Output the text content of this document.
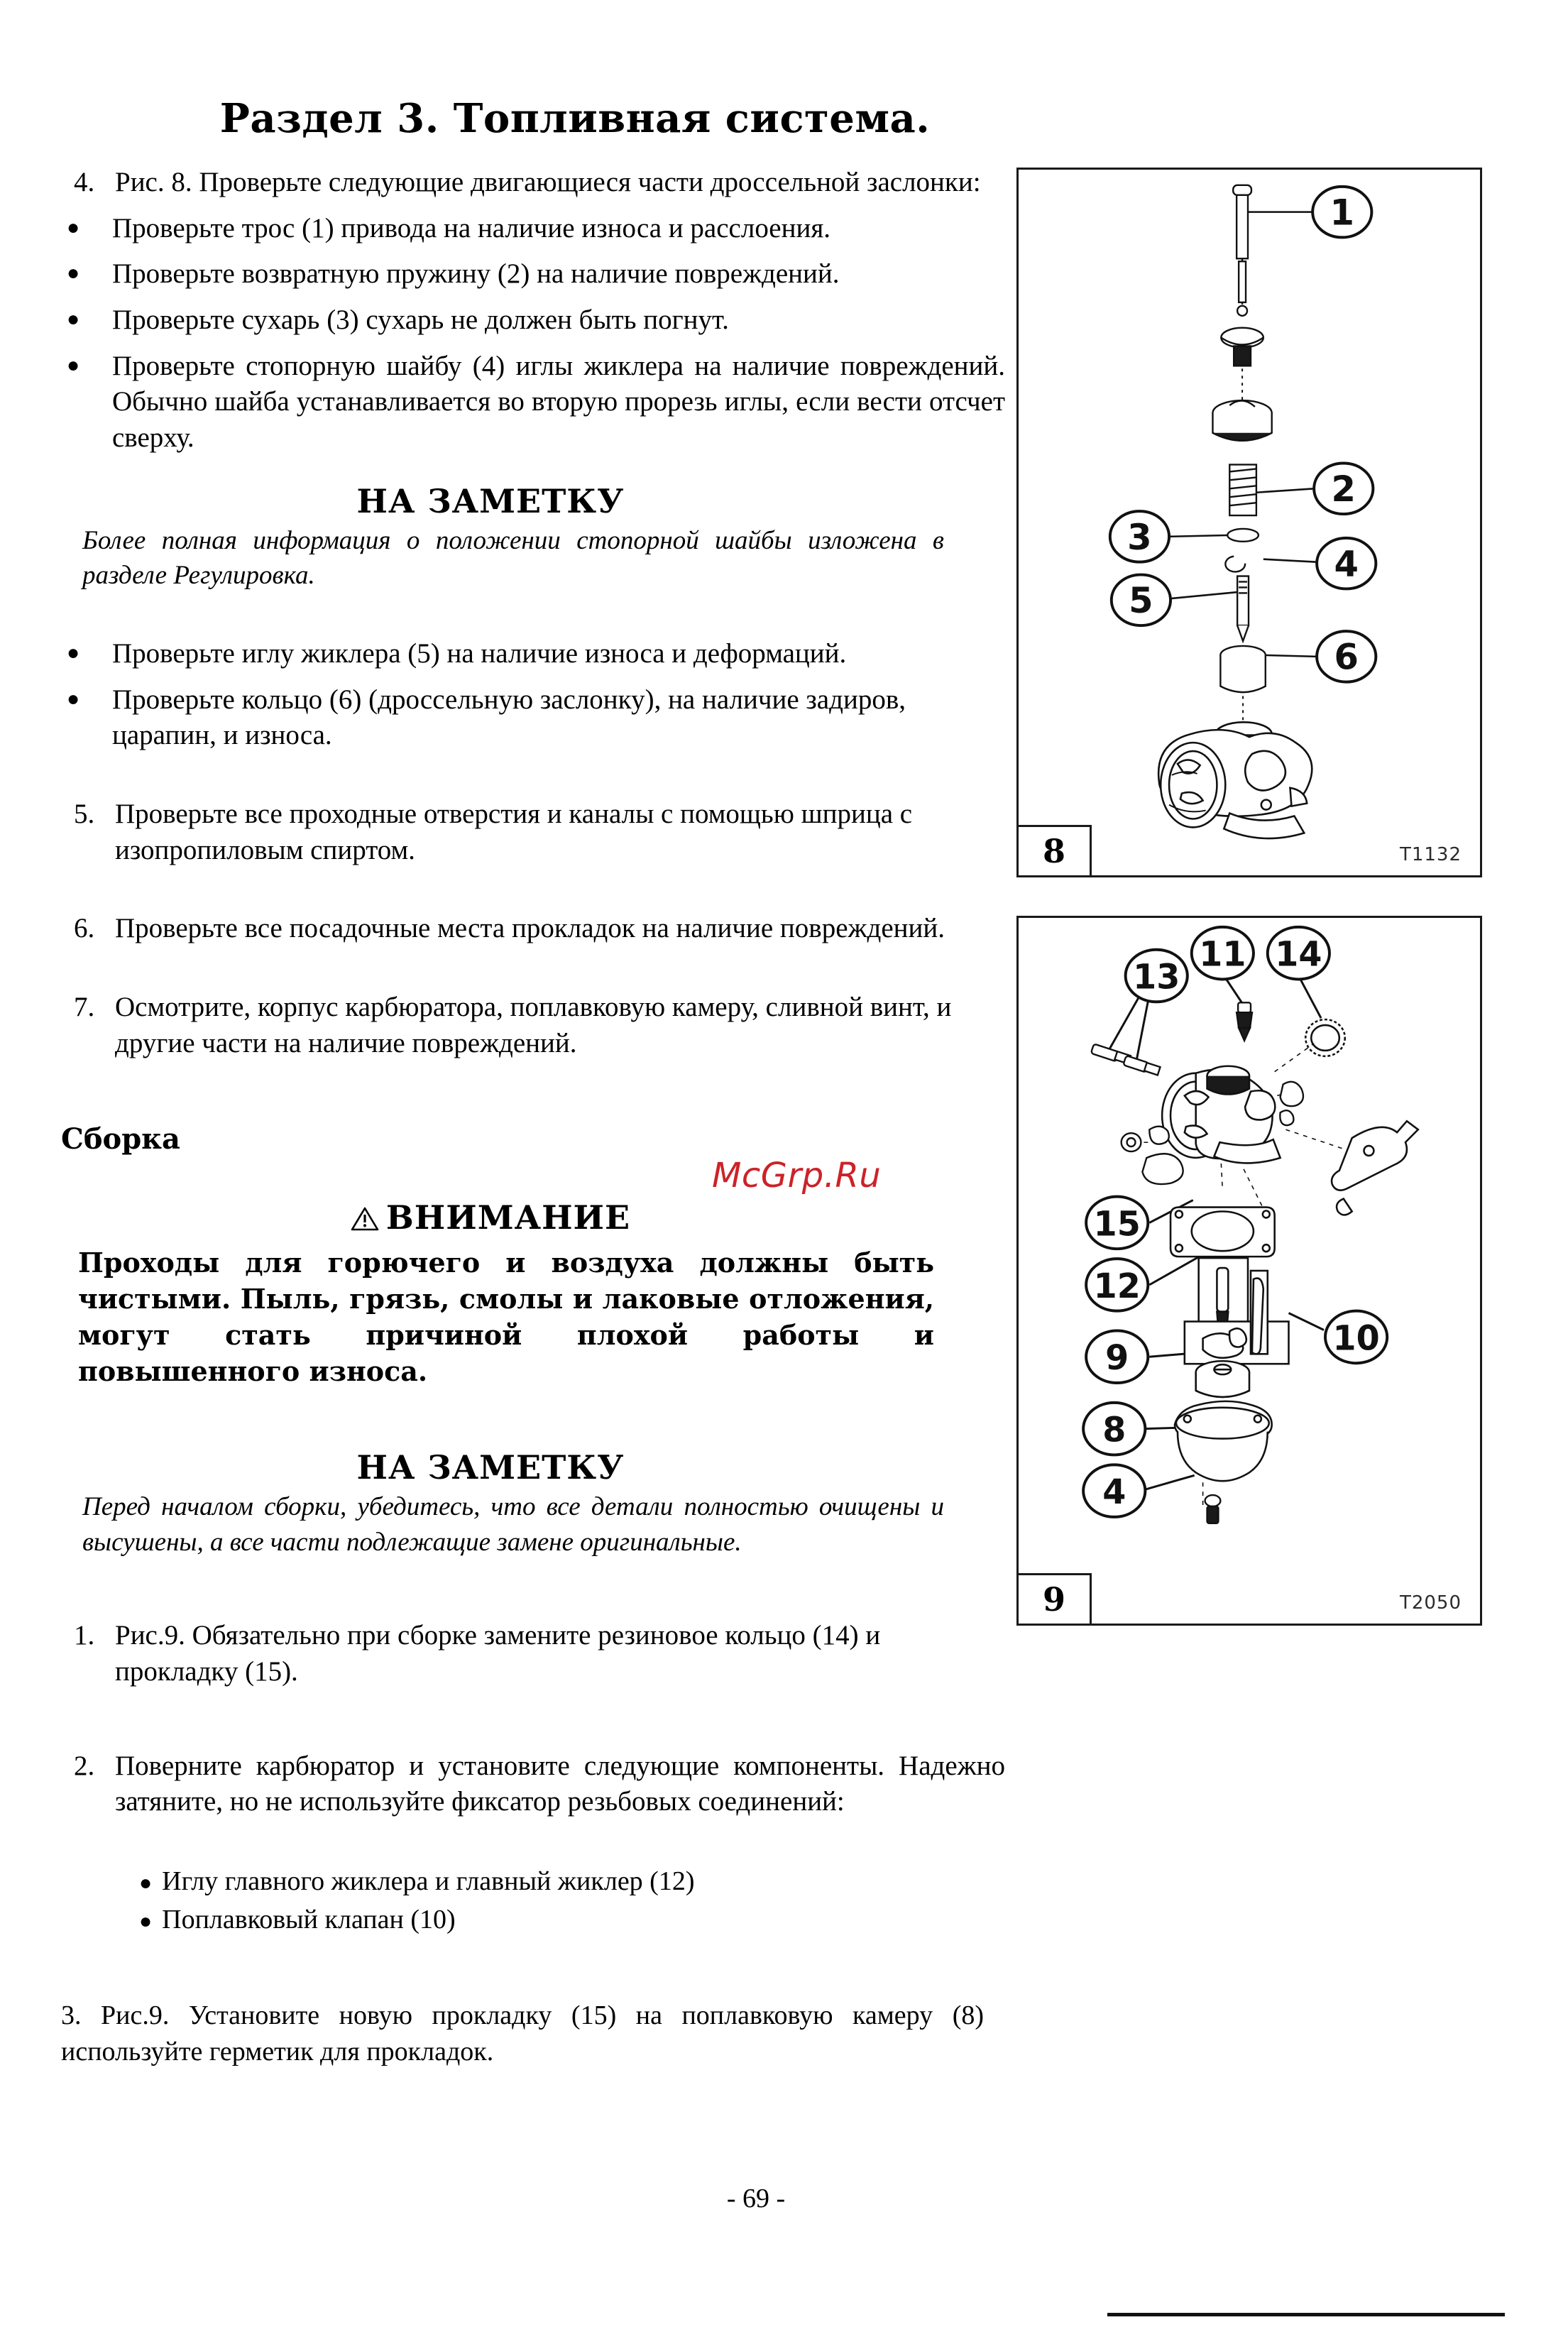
Раздел 3. Топливная система.
4. Рис. 8. Проверьте следующие двигающиеся части дроссельной заслонки:
●	Проверьте трос (1) привода на наличие износа и расслоения.
●	Проверьте возвратную пружину (2) на наличие повреждений.
●	Проверьте сухарь (3) сухарь не должен быть погнут.
●	Проверьте стопорную шайбу (4) иглы жиклера на наличие повреждений. Обычно шайба устанавливается во вторую прорезь иглы, если вести отсчет сверху.
НА ЗАМЕТКУ
Более полная информация о положении стопорной шайбы изложена в разделе Регулировка.
●	Проверьте иглу жиклера (5) на наличие износа и деформаций.
●	Проверьте кольцо (6) (дроссельную заслонку), на наличие задиров, царапин, и износа.
5. Проверьте все проходные отверстия и каналы с помощью шприца с изопропиловым спиртом.
6. Проверьте все посадочные места прокладок на наличие повреждений.
7. Осмотрите, корпус карбюратора, поплавковую камеру, сливной винт, и другие части на наличие повреждений.
Сборка
ВНИМАНИЕ
Проходы для горючего и воздуха должны быть чистыми. Пыль, грязь, смолы и лаковые отложения, могут стать причиной плохой работы и повышенного износа.
НА ЗАМЕТКУ
Перед началом сборки, убедитесь, что все детали полностью очищены и высушены, а все части подлежащие замене оригинальные.
1. Рис.9. Обязательно при сборке замените резиновое кольцо (14) и прокладку (15).
2. Поверните карбюратор и установите следующие компоненты. Надежно затяните, но не используйте фиксатор резьбовых соединений:
● Иглу главного жиклера и главный жиклер (12)
● Поплавковый клапан (10)
3. Рис.9. Установите новую прокладку (15) на поплавковую камеру (8) используйте герметик для прокладок.
McGrp.Ru
1
2
3
4
5
6
8	T1132
13
11 14
15
12
10
9
8
4
9	T2050
- 69 -
